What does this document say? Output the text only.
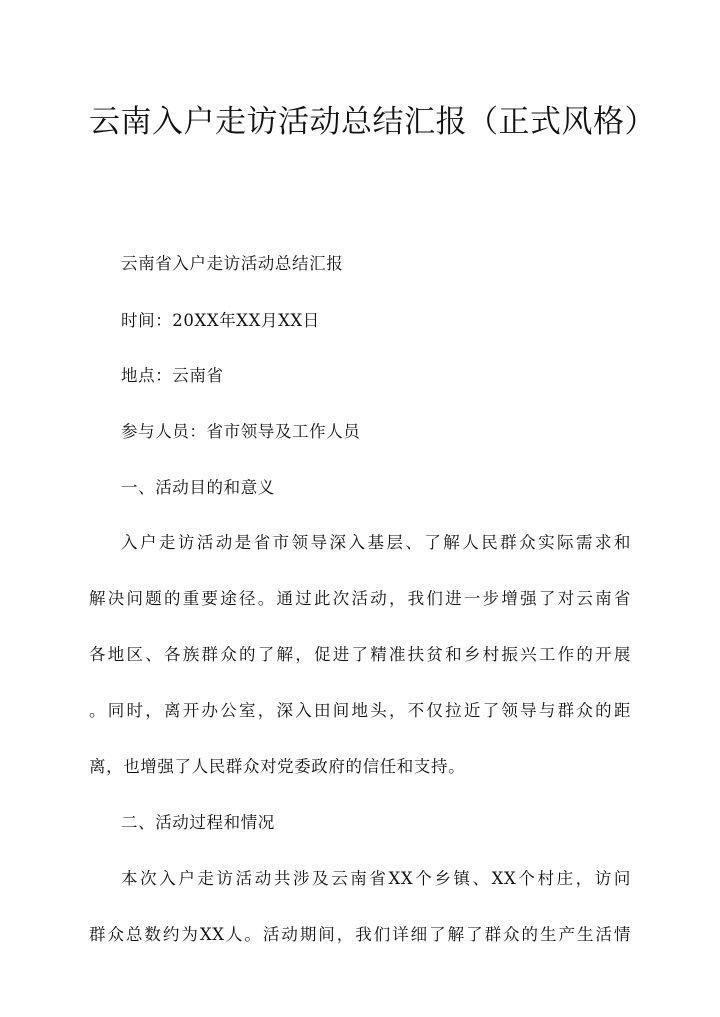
云南入户走访活动总结汇报（正式风格）
云南省入户走访活动总结汇报
时间：20XX年XX月XX日
地点：云南省
参与人员：省市领导及工作人员
一、活动目的和意义
入户走访活动是省市领导深入基层、了解人民群众实际需求和
解决问题的重要途径。通过此次活动，我们进一步增强了对云南省
各地区、各族群众的了解，促进了精准扶贫和乡村振兴工作的开展
。同时，离开办公室，深入田间地头，不仅拉近了领导与群众的距
离，也增强了人民群众对党委政府的信任和支持。
二、活动过程和情况
本次入户走访活动共涉及云南省XX个乡镇、XX个村庄，访问
群众总数约为XX人。活动期间，我们详细了解了群众的生产生活情
